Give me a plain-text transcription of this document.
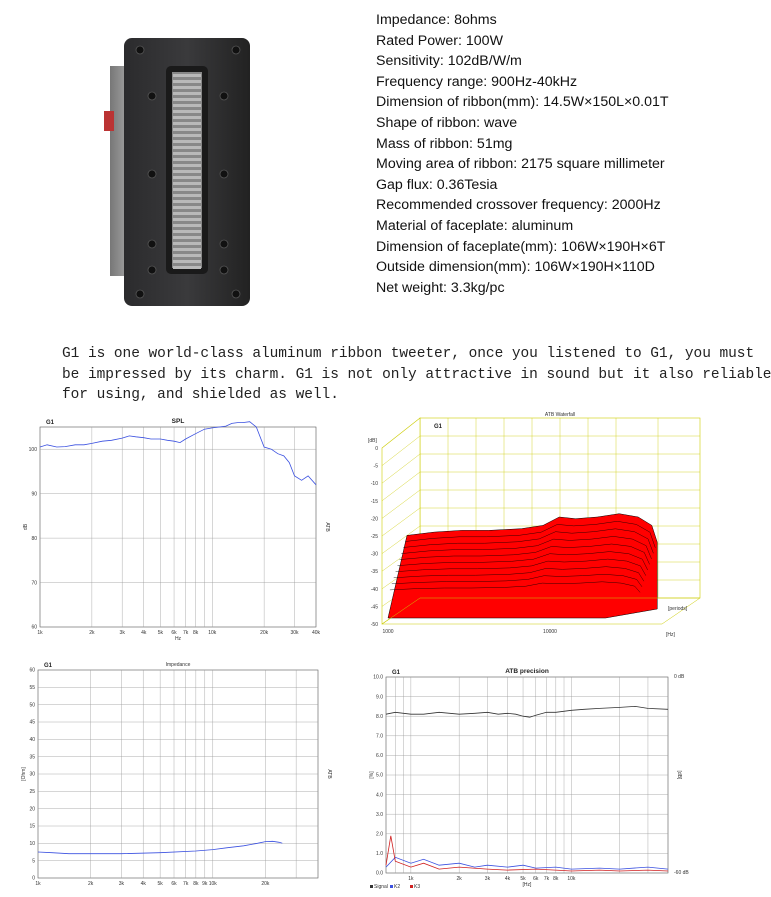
Impedance: 8ohms
Rated Power: 100W
Sensitivity: 102dB/W/m
Frequency range: 900Hz-40kHz
Dimension of ribbon(mm): 14.5W×150L×0.01T
Shape of ribbon: wave
Mass of ribbon: 51mg
Moving area of ribbon: 2175 square millimeter
Gap flux: 0.36Tesia
Recommended crossover frequency: 2000Hz
Material of faceplate: aluminum
Dimension of faceplate(mm): 106W×190H×6T
Outside dimension(mm): 106W×190H×110D
Net weight: 3.3kg/pc
G1 is one world-class aluminum ribbon tweeter, once you listened to G1, you must
be impressed by its charm. G1 is not only attractive in sound but it also reliable
for using, and shielded as well.
100
90
80
70
60
1k	2k	3k	4k 5k 6k 7k 8k 10k	20k	30k	40k
SPL
G1
dB
Hz
ATB
0
-5
-10
-15
-20
-25
-30
-35
-40
-45
-50
[dB]
1000	10000	[Hz]
[periods]
ATB Waterfall
G1
60
55
50
45
40
35
30
25
20
15
10
5
0
1k	2k	3k	4k 5k 6k 7k 8k 9k 10k	20k
Impedance
G1
[Ohm]	ATB
10.0
9.0
8.0
7.0
6.0
5.0
4.0
3.0
2.0
1.0
0.0
1k	2k	3k	4k 5k 6k 7k 8k 10k
ATB precision
G1
[%]
[Hz]
[dB]
0 dB
-60 dB
Signal K2	K3
